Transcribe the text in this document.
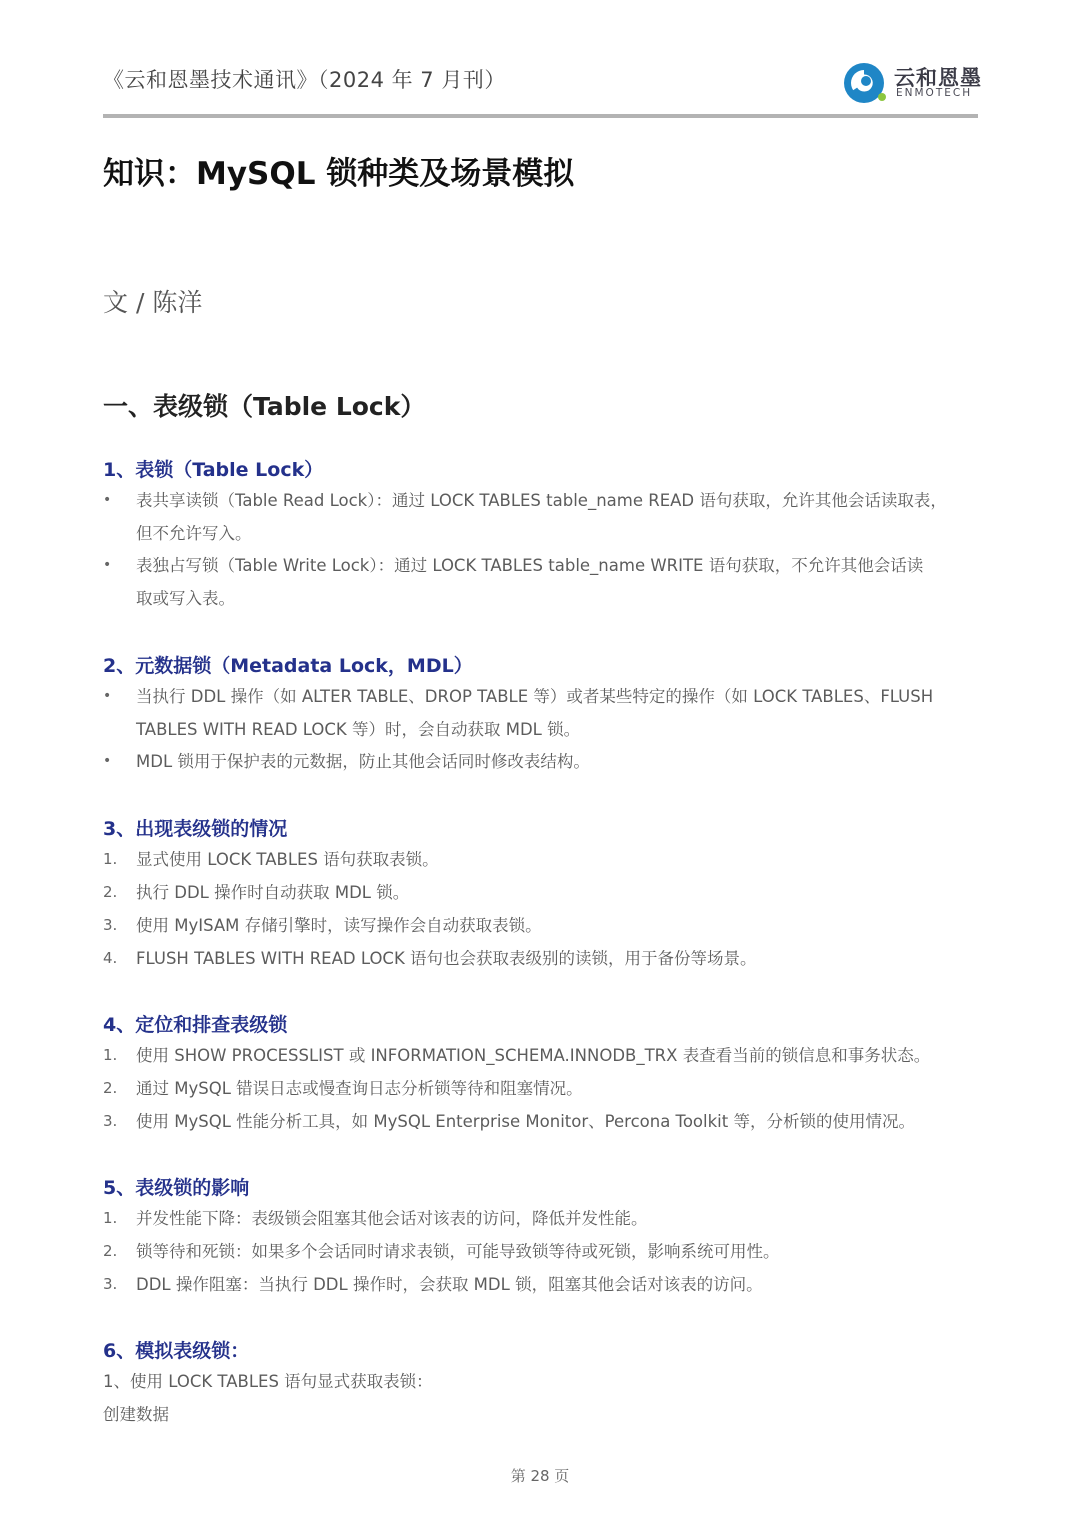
《云和恩墨技术通讯》（2024 年 7 月刊）	云和恩墨
ENMOTECH
知识：MySQL 锁种类及场景模拟
文 / 陈洋
一、表级锁（Table Lock）
1、表锁（Table Lock）
•	表共享读锁（Table Read Lock）：通过 LOCK TABLES table_name READ 语句获取，允许其他会话读取表，
但不允许写入。
•	表独占写锁（Table Write Lock）：通过 LOCK TABLES table_name WRITE 语句获取，不允许其他会话读
取或写入表。
2、元数据锁（Metadata Lock，MDL）
•	当执行 DDL 操作（如 ALTER TABLE、DROP TABLE 等）或者某些特定的操作（如 LOCK TABLES、FLUSH
TABLES WITH READ LOCK 等）时，会自动获取 MDL 锁。
•	MDL 锁用于保护表的元数据，防止其他会话同时修改表结构。
3、出现表级锁的情况
1.	显式使用 LOCK TABLES 语句获取表锁。
2.	执行 DDL 操作时自动获取 MDL 锁。
3.	使用 MyISAM 存储引擎时，读写操作会自动获取表锁。
4.	FLUSH TABLES WITH READ LOCK 语句也会获取表级别的读锁，用于备份等场景。
4、定位和排查表级锁
1.	使用 SHOW PROCESSLIST 或 INFORMATION_SCHEMA.INNODB_TRX 表查看当前的锁信息和事务状态。
2.	通过 MySQL 错误日志或慢查询日志分析锁等待和阻塞情况。
3.	使用 MySQL 性能分析工具，如 MySQL Enterprise Monitor、Percona Toolkit 等，分析锁的使用情况。
5、表级锁的影响
1.	并发性能下降：表级锁会阻塞其他会话对该表的访问，降低并发性能。
2.	锁等待和死锁：如果多个会话同时请求表锁，可能导致锁等待或死锁，影响系统可用性。
3.	DDL 操作阻塞：当执行 DDL 操作时，会获取 MDL 锁，阻塞其他会话对该表的访问。
6、模拟表级锁：
1、使用 LOCK TABLES 语句显式获取表锁：
创建数据
第 28 页
